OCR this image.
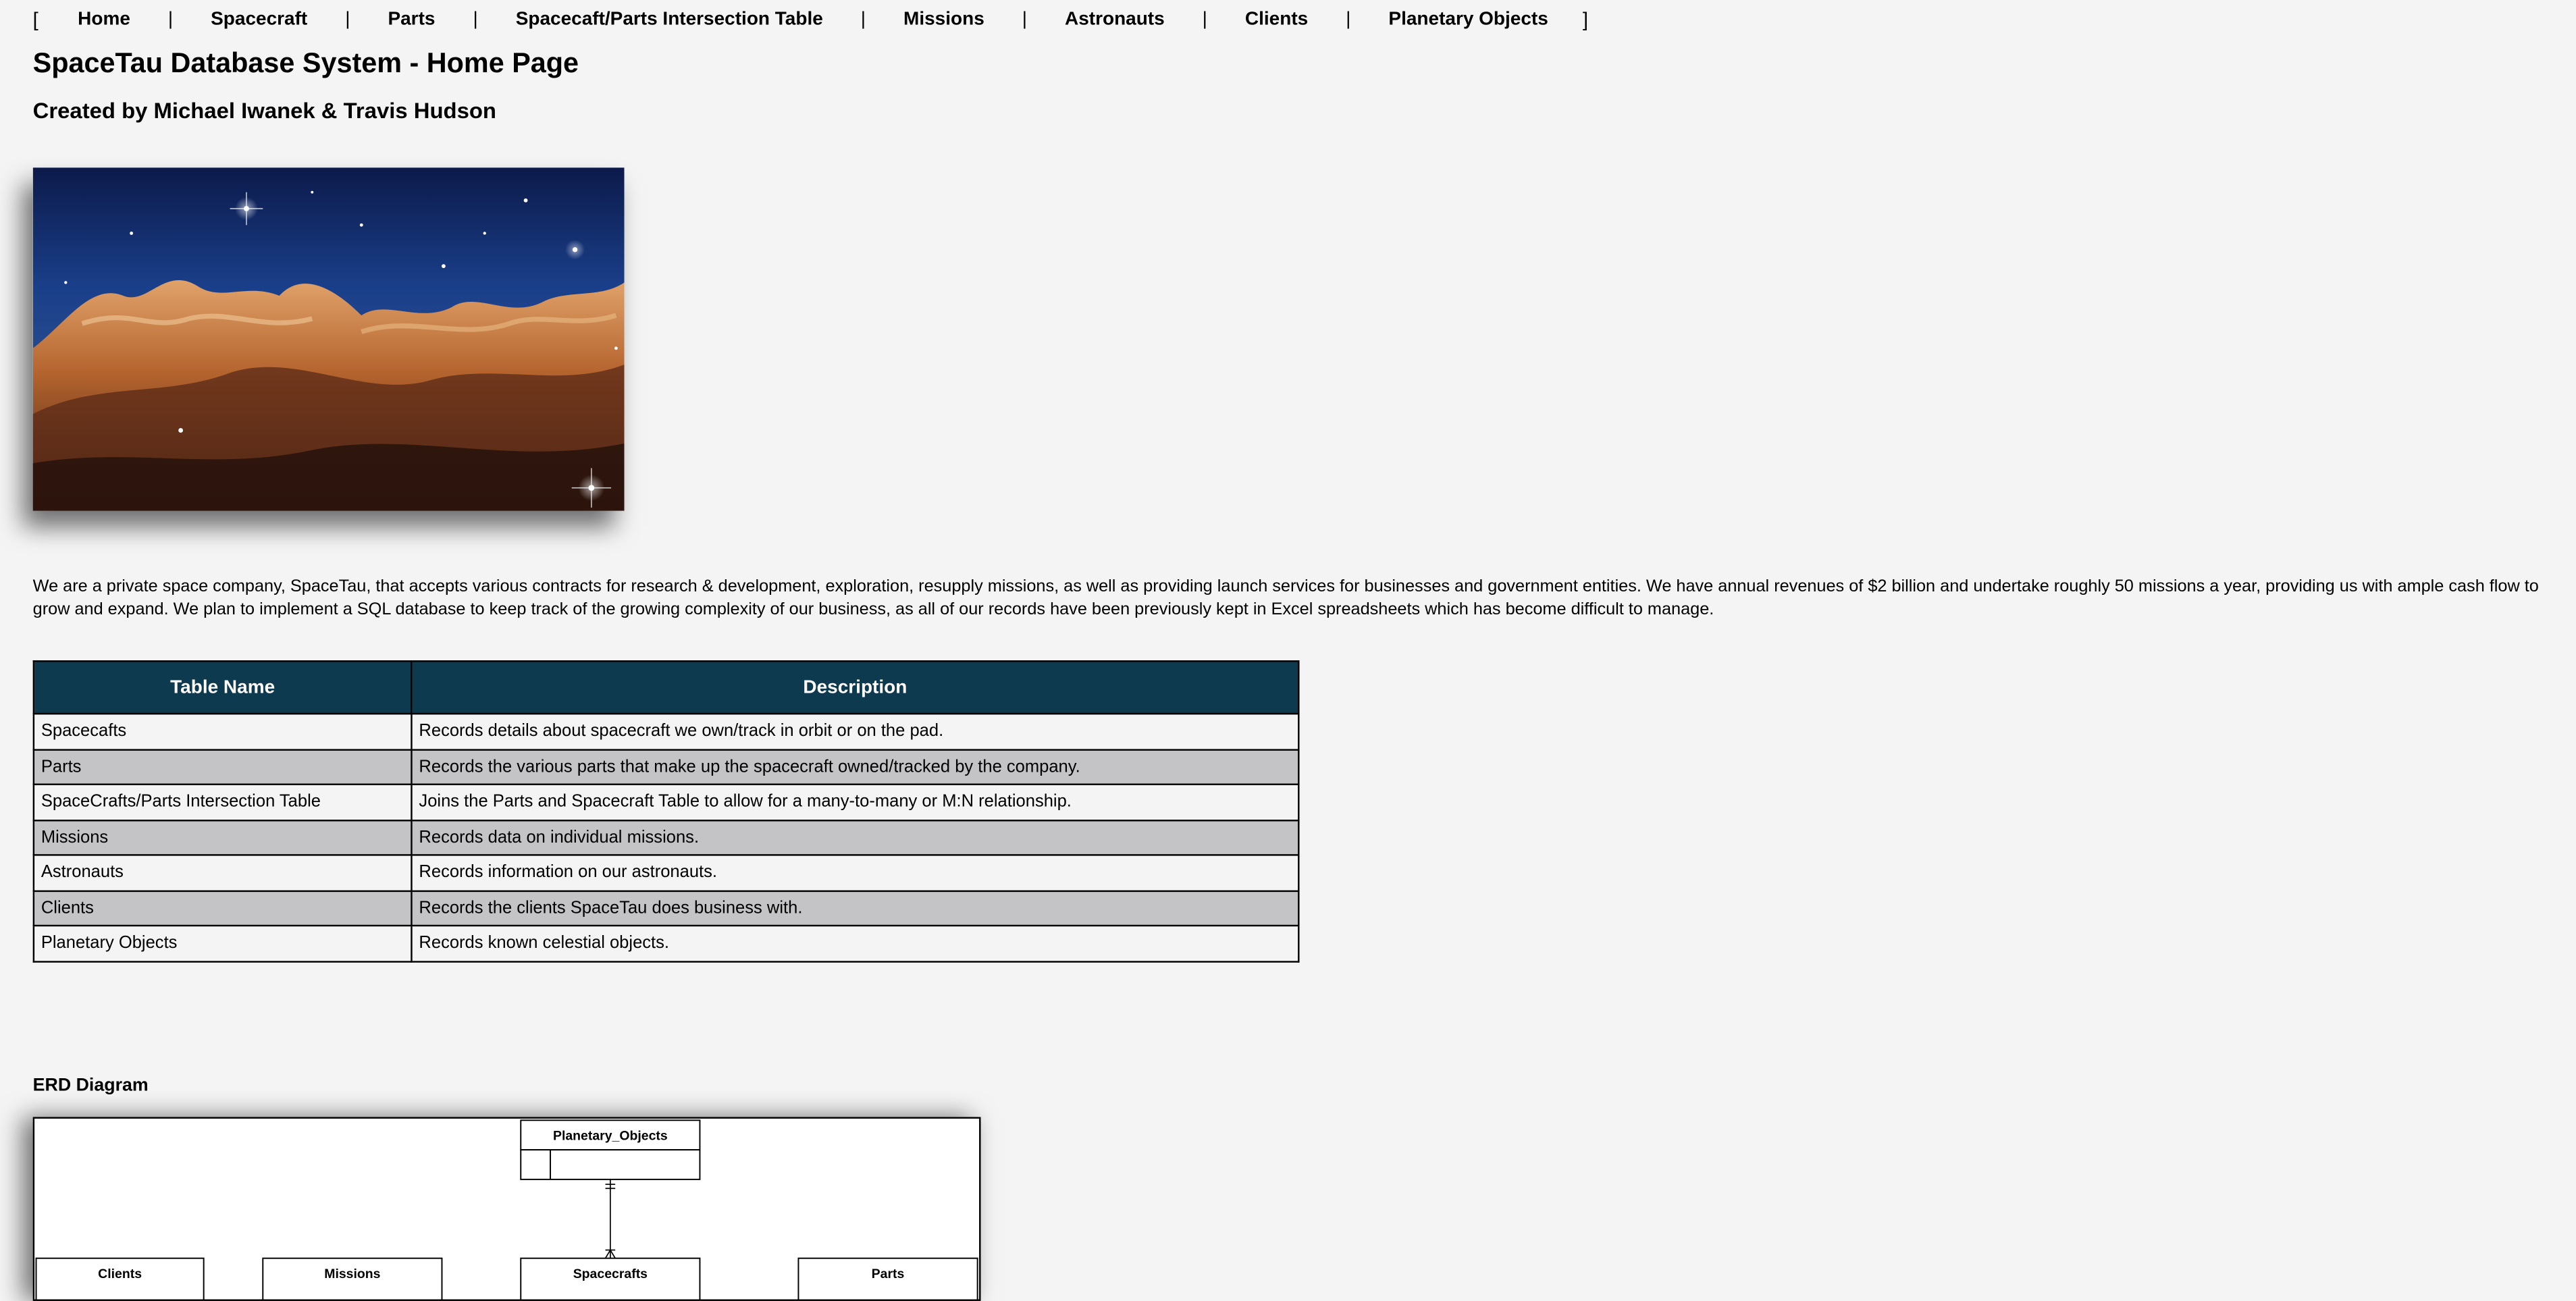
[	Home	|	Spacecraft	|	Parts	|	Spacecaft/Parts Intersection Table	|	Missions	|	Astronauts	|	Clients	|	Planetary Objects	]
SpaceTau Database System - Home Page
Created by Michael Iwanek & Travis Hudson

We are a private space company, SpaceTau, that accepts various contracts for research & development, exploration, resupply missions, as well as providing launch services for businesses and government entities. We have annual revenues of $2 billion and undertake roughly 50 missions a year, providing us with ample cash flow to grow and expand. We plan to implement a SQL database to keep track of the growing complexity of our business, as all of our records have been previously kept in Excel spreadsheets which has become difficult to manage.

Table Name	Description
Spacecafts	Records details about spacecraft we own/track in orbit or on the pad.
Parts	Records the various parts that make up the spacecraft owned/tracked by the company.
SpaceCrafts/Parts Intersection Table	Joins the Parts and Spacecraft Table to allow for a many-to-many or M:N relationship.
Missions	Records data on individual missions.
Astronauts	Records information on our astronauts.
Clients	Records the clients SpaceTau does business with.
Planetary Objects	Records known celestial objects.
ERD Diagram
Planetary_Objects
Clients	Missions	Spacecrafts	Parts
